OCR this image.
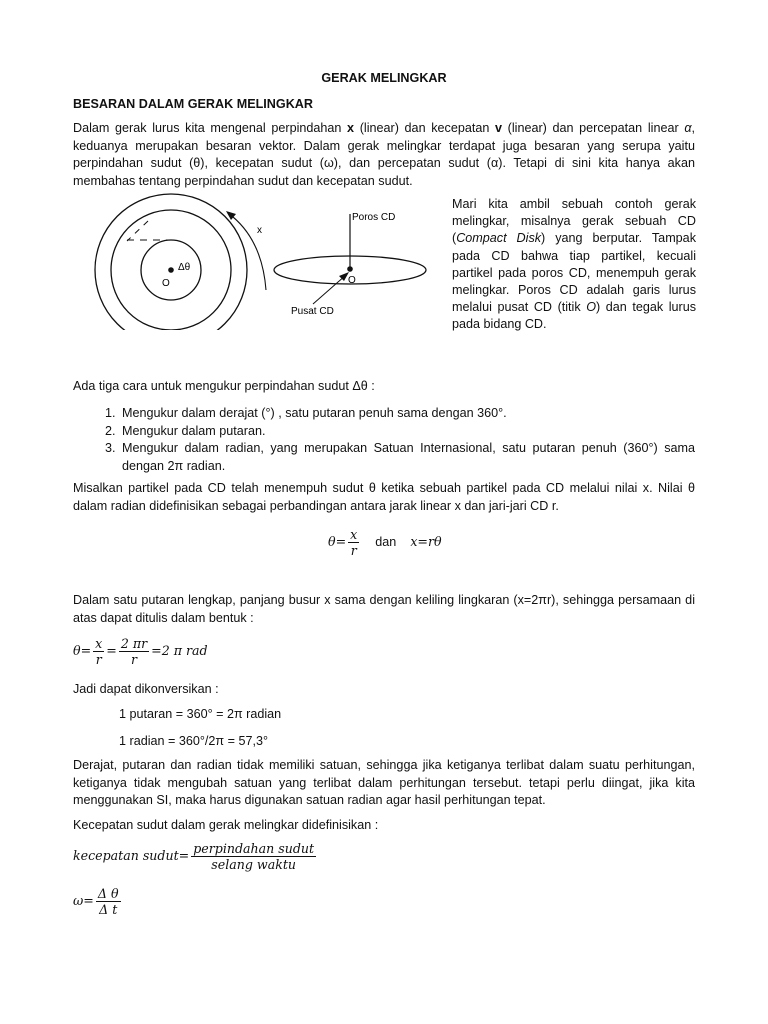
GERAK MELINGKAR
BESARAN DALAM GERAK MELINGKAR

Dalam gerak lurus kita mengenal perpindahan x (linear) dan kecepatan v (linear) dan percepatan linear α, keduanya merupakan besaran vektor. Dalam gerak melingkar terdapat juga besaran yang serupa yaitu perpindahan sudut (θ), kecepatan sudut (ω), dan percepatan sudut (α). Tetapi di sini kita hanya akan membahas tentang perpindahan sudut dan kecepatan sudut.

Δθ
O
x
Poros CD
O
Pusat CD
Mari kita ambil sebuah contoh gerak melingkar, misalnya gerak sebuah CD (Compact Disk) yang berputar. Tampak pada CD bahwa tiap partikel, kecuali partikel pada poros CD, menempuh gerak melingkar. Poros CD adalah garis lurus melalui pusat CD (titik O) dan tegak lurus pada bidang CD.
Ada tiga cara untuk mengukur perpindahan sudut Δθ :
1. Mengukur dalam derajat (°) , satu putaran penuh sama dengan 360°.
2. Mengukur dalam putaran.
3. Mengukur dalam radian, yang merupakan Satuan Internasional, satu putaran penuh (360°) sama dengan 2π radian.
Misalkan partikel pada CD telah menempuh sudut θ ketika sebuah partikel pada CD melalui nilai x. Nilai θ dalam radian didefinisikan sebagai perbandingan antara jarak linear x dan jari-jari CD r.
$\theta= \frac{x}{r}$ dan x=rθ
Dalam satu putaran lengkap, panjang busur x sama dengan keliling lingkaran (x=2πr), sehingga persamaan di atas dapat ditulis dalam bentuk :
$\theta= \frac{x}{r} = \frac{2 \pi r}{r} =2$ π rad
Jadi dapat dikonversikan :
1 putaran = 360° = 2π radian
1 radian = 360°/2π = 57,3°
Derajat, putaran dan radian tidak memiliki satuan, sehingga jika ketiganya terlibat dalam suatu perhitungan, ketiganya tidak mengubah satuan yang terlibat dalam perhitungan tersebut. tetapi perlu diingat, jika kita menggunakan SI, maka harus digunakan satuan radian agar hasil perhitungan tepat.
Kecepatan sudut dalam gerak melingkar didefinisikan :
kecepatan sudut= $\frac{\text{perpindahan sudut}}{\text{selang waktu}}$
$\omega= \frac{\text{Δ θ}}{\text{Δ t}}$
